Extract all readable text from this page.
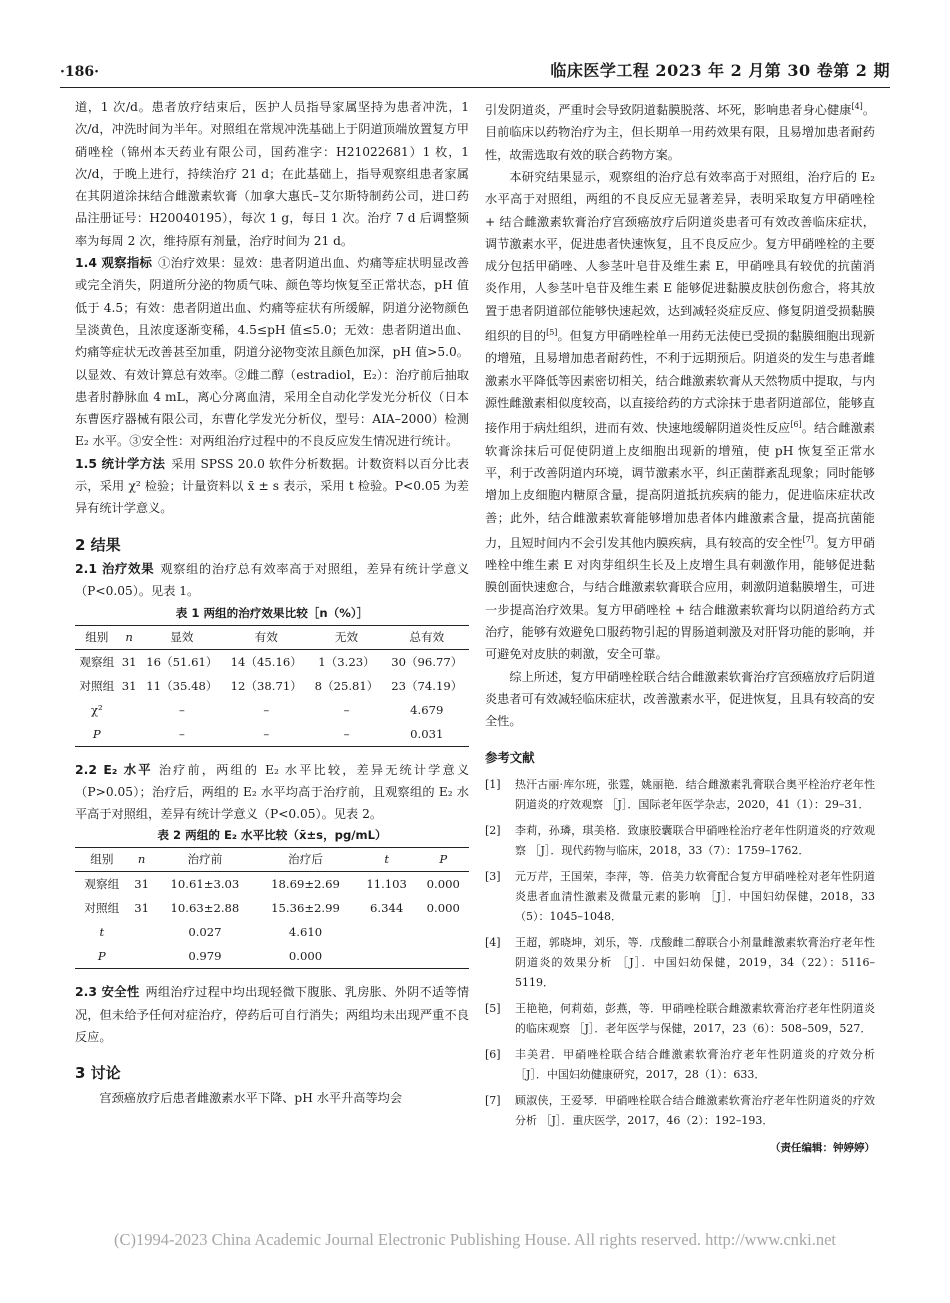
·186·	临床医学工程 2023 年 2 月第 30 卷第 2 期

道，1 次/d。患者放疗结束后，医护人员指导家属坚持为患者冲洗，1 次/d，冲洗时间为半年。对照组在常规冲洗基础上于阴道顶端放置复方甲硝唑栓（锦州本天药业有限公司，国药准字：H21022681）1 枚，1 次/d，于晚上进行，持续治疗 21 d；在此基础上，指导观察组患者家属在其阴道涂抹结合雌激素软膏（加拿大惠氏–艾尔斯特制药公司，进口药品注册证号：H20040195），每次 1 g，每日 1 次。治疗 7 d 后调整频率为每周 2 次，维持原有剂量，治疗时间为 21 d。

1.4 观察指标 ①治疗效果：显效：患者阴道出血、灼痛等症状明显改善或完全消失，阴道所分泌的物质气味、颜色等均恢复至正常状态，pH 值低于 4.5；有效：患者阴道出血、灼痛等症状有所缓解，阴道分泌物颜色呈淡黄色，且浓度逐渐变稀，4.5≤pH 值≤5.0；无效：患者阴道出血、灼痛等症状无改善甚至加重，阴道分泌物变浓且颜色加深，pH 值>5.0。以显效、有效计算总有效率。②雌二醇（estradiol，E₂）：治疗前后抽取患者肘静脉血 4 mL，离心分离血清，采用全自动化学发光分析仪（日本东曹医疗器械有限公司，东曹化学发光分析仪，型号：AIA–2000）检测 E₂ 水平。③安全性：对两组治疗过程中的不良反应发生情况进行统计。

1.5 统计学方法 采用 SPSS 20.0 软件分析数据。计数资料以百分比表示，采用 χ² 检验；计量资料以 x̄ ± s 表示，采用 t 检验。P<0.05 为差异有统计学意义。

2 结果

2.1 治疗效果 观察组的治疗总有效率高于对照组，差异有统计学意义（P<0.05）。见表 1。

表 1 两组的治疗效果比较［n（%）］
组别	n	显效	有效	无效	总有效
观察组	31	16（51.61）	14（45.16）	1（3.23）	30（96.77）
对照组	31	11（35.48）	12（38.71）	8（25.81）	23（74.19）
χ²		–	–	–	4.679
P		–	–	–	0.031

2.2 E₂ 水平 治疗前，两组的 E₂ 水平比较，差异无统计学意义（P>0.05）；治疗后，两组的 E₂ 水平均高于治疗前，且观察组的 E₂ 水平高于对照组，差异有统计学意义（P<0.05）。见表 2。

表 2 两组的 E₂ 水平比较（x̄±s，pg/mL）
组别	n	治疗前	治疗后	t	P
观察组	31	10.61±3.03	18.69±2.69	11.103	0.000
对照组	31	10.63±2.88	15.36±2.99	6.344	0.000
t		0.027	4.610		
P		0.979	0.000		

2.3 安全性 两组治疗过程中均出现轻微下腹胀、乳房胀、外阴不适等情况，但未给予任何对症治疗，停药后可自行消失；两组均未出现严重不良反应。

3 讨论

宫颈癌放疗后患者雌激素水平下降、pH 水平升高等均会

引发阴道炎，严重时会导致阴道黏膜脱落、坏死，影响患者身心健康[4]。目前临床以药物治疗为主，但长期单一用药效果有限，且易增加患者耐药性，故需选取有效的联合药物方案。

本研究结果显示，观察组的治疗总有效率高于对照组，治疗后的 E₂ 水平高于对照组，两组的不良反应无显著差异，表明采取复方甲硝唑栓 + 结合雌激素软膏治疗宫颈癌放疗后阴道炎患者可有效改善临床症状，调节激素水平，促进患者快速恢复，且不良反应少。复方甲硝唑栓的主要成分包括甲硝唑、人参茎叶皂苷及维生素 E，甲硝唑具有较优的抗菌消炎作用，人参茎叶皂苷及维生素 E 能够促进黏膜皮肤创伤愈合，将其放置于患者阴道部位能够快速起效，达到减轻炎症反应、修复阴道受损黏膜组织的目的[5]。但复方甲硝唑栓单一用药无法使已受损的黏膜细胞出现新的增殖，且易增加患者耐药性，不利于远期预后。阴道炎的发生与患者雌激素水平降低等因素密切相关，结合雌激素软膏从天然物质中提取，与内源性雌激素相似度较高，以直接给药的方式涂抹于患者阴道部位，能够直接作用于病灶组织，进而有效、快速地缓解阴道炎性反应[6]。结合雌激素软膏涂抹后可促使阴道上皮细胞出现新的增殖，使 pH 恢复至正常水平，利于改善阴道内环境，调节激素水平，纠正菌群紊乱现象；同时能够增加上皮细胞内糖原含量，提高阴道抵抗疾病的能力，促进临床症状改善；此外，结合雌激素软膏能够增加患者体内雌激素含量，提高抗菌能力，且短时间内不会引发其他内膜疾病，具有较高的安全性[7]。复方甲硝唑栓中维生素 E 对肉芽组织生长及上皮增生具有刺激作用，能够促进黏膜创面快速愈合，与结合雌激素软膏联合应用，刺激阴道黏膜增生，可进一步提高治疗效果。复方甲硝唑栓 + 结合雌激素软膏均以阴道给药方式治疗，能够有效避免口服药物引起的胃肠道刺激及对肝肾功能的影响，并可避免对皮肤的刺激，安全可靠。

综上所述，复方甲硝唑栓联合结合雌激素软膏治疗宫颈癌放疗后阴道炎患者可有效减轻临床症状，改善激素水平，促进恢复，且具有较高的安全性。

参考文献
[1] 热汗古丽·库尔班，张霆，姚丽艳．结合雌激素乳膏联合奥平栓治疗老年性阴道炎的疗效观察 ［J］．国际老年医学杂志，2020，41（1）：29–31．
[2] 李莉，孙璘，琪美格．致康胶囊联合甲硝唑栓治疗老年性阴道炎的疗效观察 ［J］．现代药物与临床，2018，33（7）：1759–1762．
[3] 元万芹，王国荣，李萍，等．倍美力软膏配合复方甲硝唑栓对老年性阴道炎患者血清性激素及微量元素的影响 ［J］．中国妇幼保健，2018，33（5）：1045–1048．
[4] 王超，郭晓坤，刘乐，等．戊酸雌二醇联合小剂量雌激素软膏治疗老年性阴道炎的效果分析 ［J］．中国妇幼保健，2019，34（22）：5116–5119．
[5] 王艳艳，何莉茹，彭燕，等．甲硝唑栓联合雌激素软膏治疗老年性阴道炎的临床观察 ［J］．老年医学与保健，2017，23（6）：508–509，527．
[6] 丰美君．甲硝唑栓联合结合雌激素软膏治疗老年性阴道炎的疗效分析 ［J］．中国妇幼健康研究，2017，28（1）：633．
[7] 顾淑侠，王爱琴．甲硝唑栓联合结合雌激素软膏治疗老年性阴道炎的疗效分析 ［J］．重庆医学，2017，46（2）：192–193．
（责任编辑：钟婷婷）
(C)1994-2023 China Academic Journal Electronic Publishing House. All rights reserved. http://www.cnki.net
